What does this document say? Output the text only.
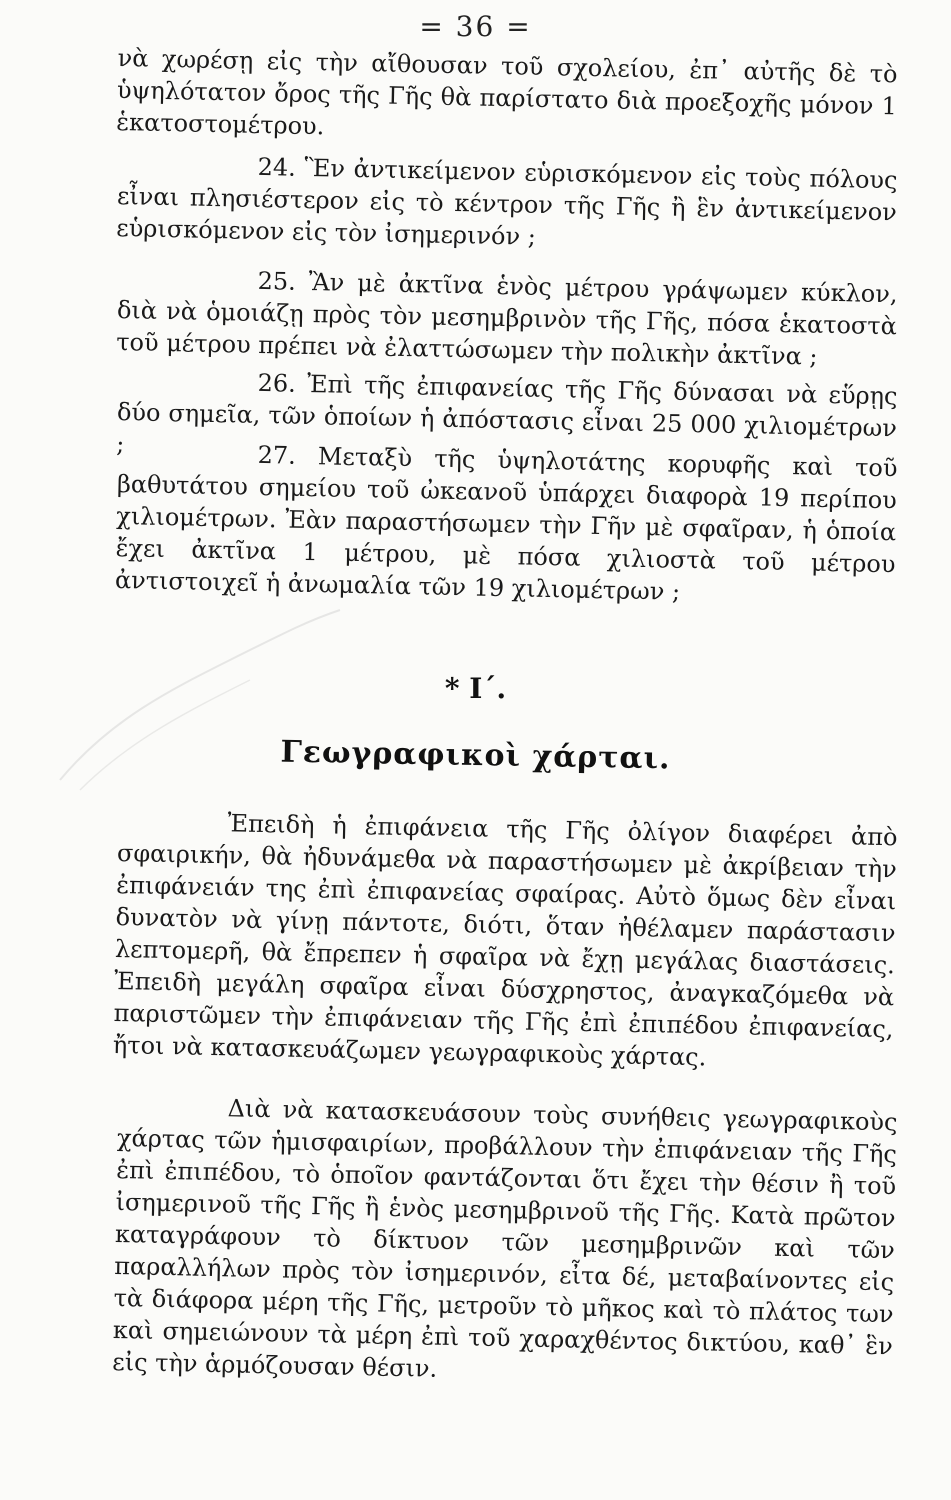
= 36 =

νὰ χωρέσῃ εἰς τὴν αἴθουσαν τοῦ σχολείου, ἐπ᾽ αὐτῆς δὲ τὸ ὑψηλότατον ὄρος τῆς Γῆς θὰ παρίστατο διὰ προεξοχῆς μόνον 1 ἑκατοστομέτρου.

24. Ἓν ἀντικείμενον εὑρισκόμενον εἰς τοὺς πόλους εἶναι πλησιέστερον εἰς τὸ κέντρον τῆς Γῆς ἢ ἓν ἀντικείμενον εὑρισκόμενον εἰς τὸν ἰσημερινόν ;

25. Ἂν μὲ ἀκτῖνα ἑνὸς μέτρου γράψωμεν κύκλον, διὰ νὰ ὁμοιάζῃ πρὸς τὸν μεσημβρινὸν τῆς Γῆς, πόσα ἑκατοστὰ τοῦ μέτρου πρέπει νὰ ἐλαττώσωμεν τὴν πολικὴν ἀκτῖνα ;

26. Ἐπὶ τῆς ἐπιφανείας τῆς Γῆς δύνασαι νὰ εὕρῃς δύο σημεῖα, τῶν ὁποίων ἡ ἀπόστασις εἶναι 25 000 χιλιομέτρων ;	27. Μεταξὺ τῆς ὑψηλοτάτης κορυφῆς καὶ τοῦ βαθυτάτου σημείου τοῦ ὠκεανοῦ ὑπάρχει διαφορὰ 19 περίπου χιλιομέτρων. Ἐὰν παραστήσωμεν τὴν Γῆν μὲ σφαῖραν, ἡ ὁποία ἔχει ἀκτῖνα 1 μέτρου, μὲ πόσα χιλιοστὰ τοῦ μέτρου ἀντιστοιχεῖ ἡ ἀνωμαλία τῶν 19 χιλιομέτρων ;

* Ι΄.
Γεωγραφικοὶ χάρται.

Ἐπειδὴ ἡ ἐπιφάνεια τῆς Γῆς ὀλίγον διαφέρει ἀπὸ σφαιρικήν, θὰ ἠδυνάμεθα νὰ παραστήσωμεν μὲ ἀκρίβειαν τὴν ἐπιφάνειάν της ἐπὶ ἐπιφανείας σφαίρας. Αὐτὸ ὅμως δὲν εἶναι δυνατὸν νὰ γίνῃ πάντοτε, διότι, ὅταν ἠθέλαμεν παράστασιν λεπτομερῆ, θὰ ἔπρεπεν ἡ σφαῖρα νὰ ἔχῃ μεγάλας διαστάσεις. Ἐπειδὴ μεγάλη σφαῖρα εἶναι δύσχρηστος, ἀναγκαζόμεθα νὰ παριστῶμεν τὴν ἐπιφάνειαν τῆς Γῆς ἐπὶ ἐπιπέδου ἐπιφανείας, ἤτοι νὰ κατασκευάζωμεν γεωγραφικοὺς χάρτας.

Διὰ νὰ κατασκευάσουν τοὺς συνήθεις γεωγραφικοὺς χάρτας τῶν ἡμισφαιρίων, προβάλλουν τὴν ἐπιφάνειαν τῆς Γῆς ἐπὶ ἐπιπέδου, τὸ ὁποῖον φαντάζονται ὅτι ἔχει τὴν θέσιν ἢ τοῦ ἰσημερινοῦ τῆς Γῆς ἢ ἑνὸς μεσημβρινοῦ τῆς Γῆς. Κατὰ πρῶτον καταγράφουν τὸ δίκτυον τῶν μεσημβρινῶν καὶ τῶν παραλλήλων πρὸς τὸν ἰσημερινόν, εἶτα δέ, μεταβαίνοντες εἰς τὰ διάφορα μέρη τῆς Γῆς, μετροῦν τὸ μῆκος καὶ τὸ πλάτος των καὶ σημειώνουν τὰ μέρη ἐπὶ τοῦ χαραχθέντος δικτύου, καθ᾽ ἓν εἰς τὴν ἁρμόζουσαν θέσιν.
